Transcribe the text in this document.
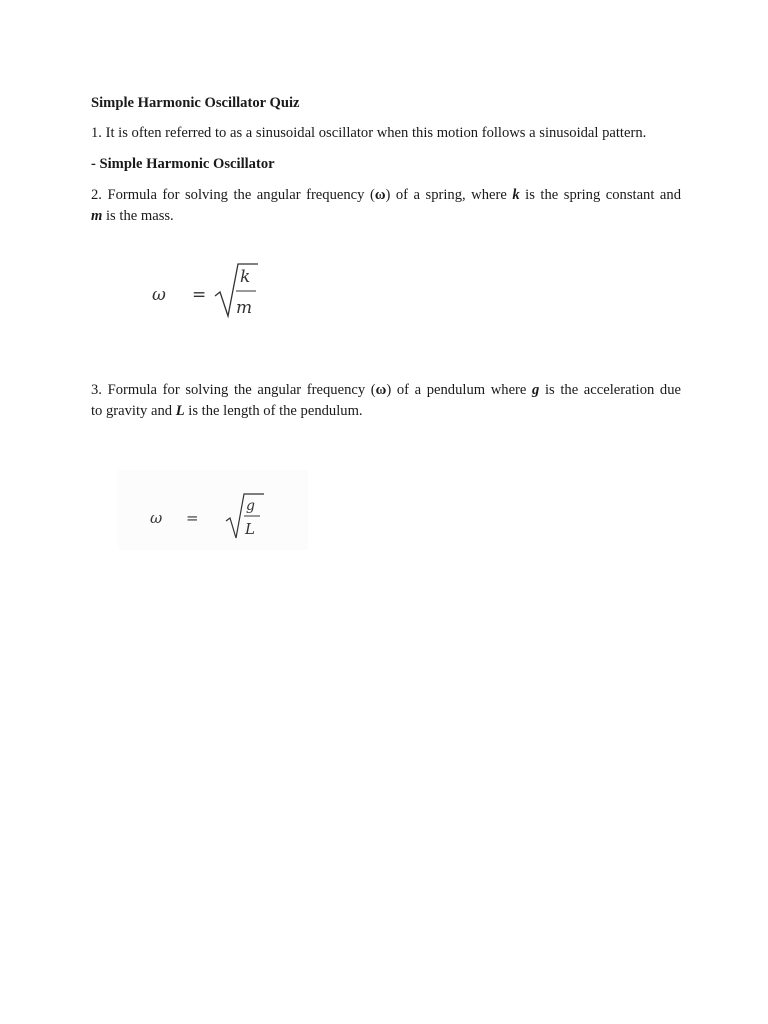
Simple Harmonic Oscillator Quiz
1. It is often referred to as a sinusoidal oscillator when this motion follows a sinusoidal pattern.
- Simple Harmonic Oscillator
2. Formula for solving the angular frequency (ω) of a spring, where k is the spring constant and
m is the mass.
ω =
k
m
3. Formula for solving the angular frequency (ω) of a pendulum where g is the acceleration due
to gravity and L is the length of the pendulum.
ω =
g
L
